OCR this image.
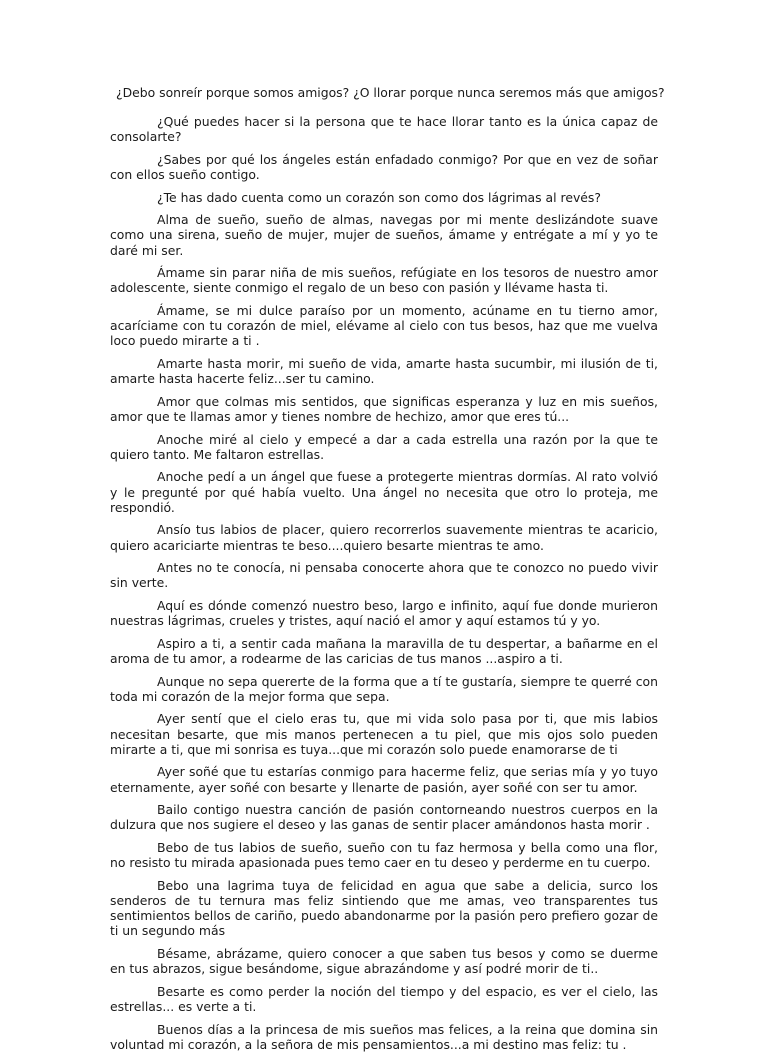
¿Debo sonreír porque somos amigos? ¿O llorar porque nunca seremos más que amigos?

¿Qué puedes hacer si la persona que te hace llorar tanto es la única capaz de consolarte?

¿Sabes por qué los ángeles están enfadado conmigo? Por que en vez de soñar con ellos sueño contigo.

¿Te has dado cuenta como un corazón son como dos lágrimas al revés?

Alma de sueño, sueño de almas, navegas por mi mente deslizándote suave como una sirena, sueño de mujer, mujer de sueños, ámame y entrégate a mí y yo te daré mi ser.

Ámame sin parar niña de mis sueños, refúgiate en los tesoros de nuestro amor adolescente, siente conmigo el regalo de un beso con pasión y llévame hasta ti.

Ámame, se mi dulce paraíso por un momento, acúname en tu tierno amor, acaríciame con tu corazón de miel, elévame al cielo con tus besos, haz que me vuelva loco puedo mirarte a ti .

Amarte hasta morir, mi sueño de vida, amarte hasta sucumbir, mi ilusión de ti, amarte hasta hacerte feliz...ser tu camino.

Amor que colmas mis sentidos, que significas esperanza y luz en mis sueños, amor que te llamas amor y tienes nombre de hechizo, amor que eres tú...

Anoche miré al cielo y empecé a dar a cada estrella una razón por la que te quiero tanto. Me faltaron estrellas.

Anoche pedí a un ángel que fuese a protegerte mientras dormías. Al rato volvió y le pregunté por qué había vuelto. Una ángel no necesita que otro lo proteja, me respondió.

Ansío tus labios de placer, quiero recorrerlos suavemente mientras te acaricio, quiero acariciarte mientras te beso....quiero besarte mientras te amo.

Antes no te conocía, ni pensaba conocerte ahora que te conozco no puedo vivir sin verte.

Aquí es dónde comenzó nuestro beso, largo e infinito, aquí fue donde murieron nuestras lágrimas, crueles y tristes, aquí nació el amor y aquí estamos tú y yo.

Aspiro a ti, a sentir cada mañana la maravilla de tu despertar, a bañarme en el aroma de tu amor, a rodearme de las caricias de tus manos ...aspiro a ti.

Aunque no sepa quererte de la forma que a tí te gustaría, siempre te querré con toda mi corazón de la mejor forma que sepa.

Ayer sentí que el cielo eras tu, que mi vida solo pasa por ti, que mis labios necesitan besarte, que mis manos pertenecen a tu piel, que mis ojos solo pueden mirarte a ti, que mi sonrisa es tuya...que mi corazón solo puede enamorarse de ti

Ayer soñé que tu estarías conmigo para hacerme feliz, que serias mía y yo tuyo eternamente, ayer soñé con besarte y llenarte de pasión, ayer soñé con ser tu amor.

Bailo contigo nuestra canción de pasión contorneando nuestros cuerpos en la dulzura que nos sugiere el deseo y las ganas de sentir placer amándonos hasta morir .

Bebo de tus labios de sueño, sueño con tu faz hermosa y bella como una flor, no resisto tu mirada apasionada pues temo caer en tu deseo y perderme en tu cuerpo.

Bebo una lagrima tuya de felicidad en agua que sabe a delicia, surco los senderos de tu ternura mas feliz sintiendo que me amas, veo transparentes tus sentimientos bellos de cariño, puedo abandonarme por la pasión pero prefiero gozar de ti un segundo más

Bésame, abrázame, quiero conocer a que saben tus besos y como se duerme en tus abrazos, sigue besándome, sigue abrazándome y así podré morir de ti..

Besarte es como perder la noción del tiempo y del espacio, es ver el cielo, las estrellas... es verte a ti.

Buenos días a la princesa de mis sueños mas felices, a la reina que domina sin voluntad mi corazón, a la señora de mis pensamientos...a mi destino mas feliz: tu .
